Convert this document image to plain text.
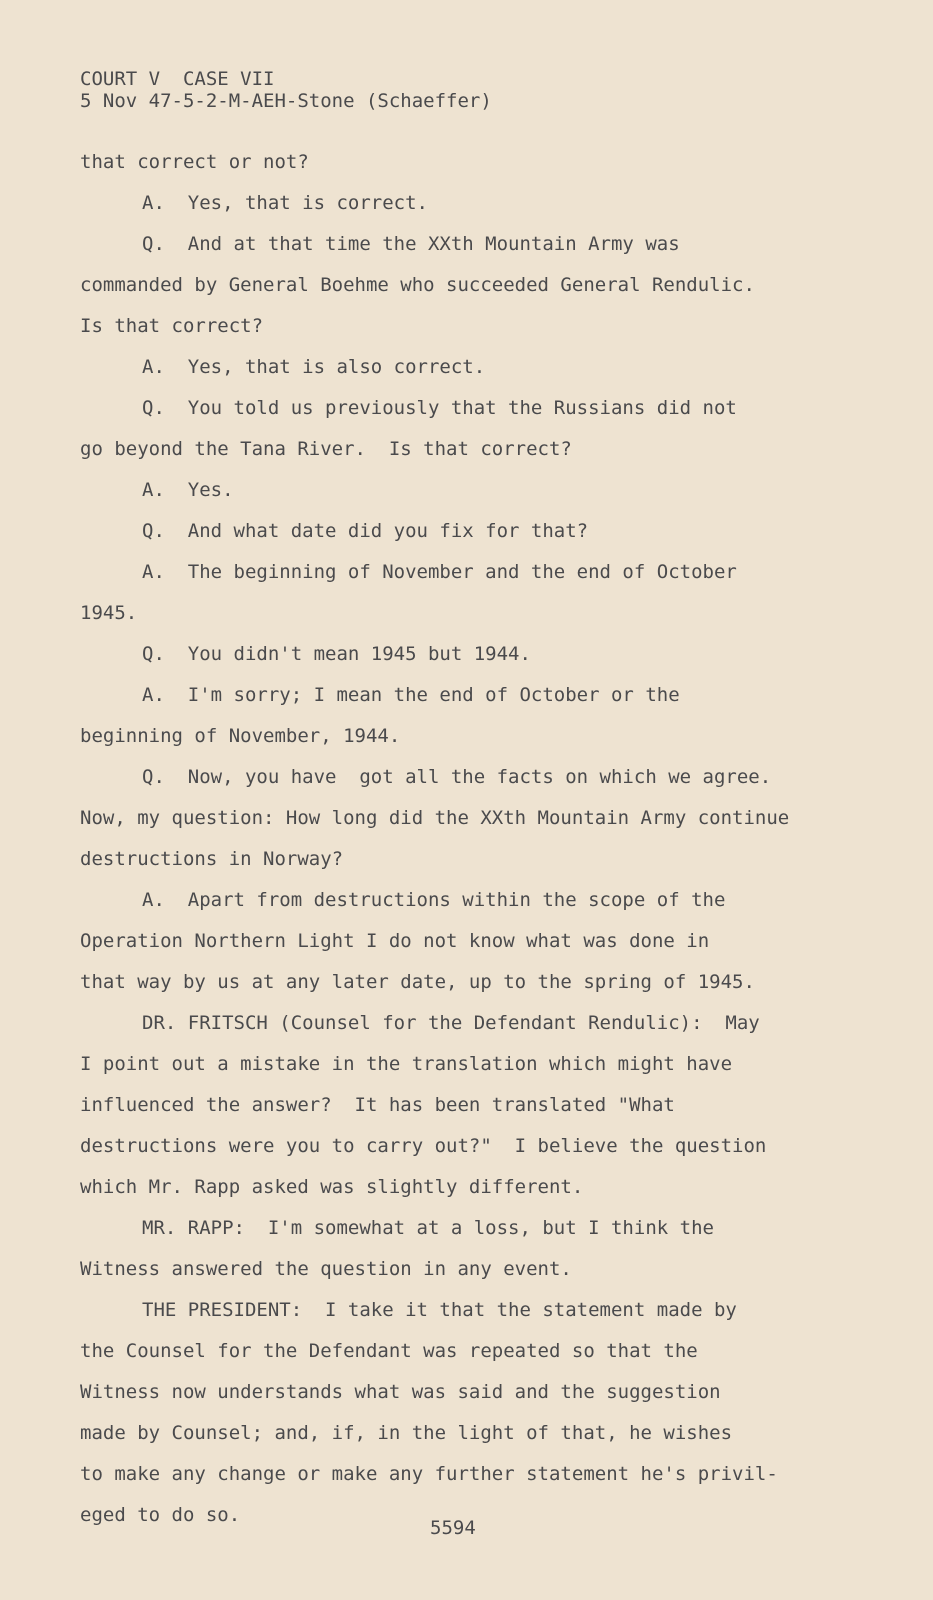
COURT V  CASE VII
5 Nov 47-5-2-M-AEH-Stone (Schaeffer)
that correct or not?
A.  Yes, that is correct.
Q.  And at that time the XXth Mountain Army was
commanded by General Boehme who succeeded General Rendulic.
Is that correct?
A.  Yes, that is also correct.
Q.  You told us previously that the Russians did not
go beyond the Tana River.  Is that correct?
A.  Yes.
Q.  And what date did you fix for that?
A.  The beginning of November and the end of October
1945.
Q.  You didn't mean 1945 but 1944.
A.  I'm sorry; I mean the end of October or the
beginning of November, 1944.
Q.  Now, you have  got all the facts on which we agree.
Now, my question: How long did the XXth Mountain Army continue
destructions in Norway?
A.  Apart from destructions within the scope of the
Operation Northern Light I do not know what was done in
that way by us at any later date, up to the spring of 1945.
DR. FRITSCH (Counsel for the Defendant Rendulic):  May
I point out a mistake in the translation which might have
influenced the answer?  It has been translated "What
destructions were you to carry out?"  I believe the question
which Mr. Rapp asked was slightly different.
MR. RAPP:  I'm somewhat at a loss, but I think the
Witness answered the question in any event.
THE PRESIDENT:  I take it that the statement made by
the Counsel for the Defendant was repeated so that the
Witness now understands what was said and the suggestion
made by Counsel; and, if, in the light of that, he wishes
to make any change or make any further statement he's privil-
eged to do so.
5594
